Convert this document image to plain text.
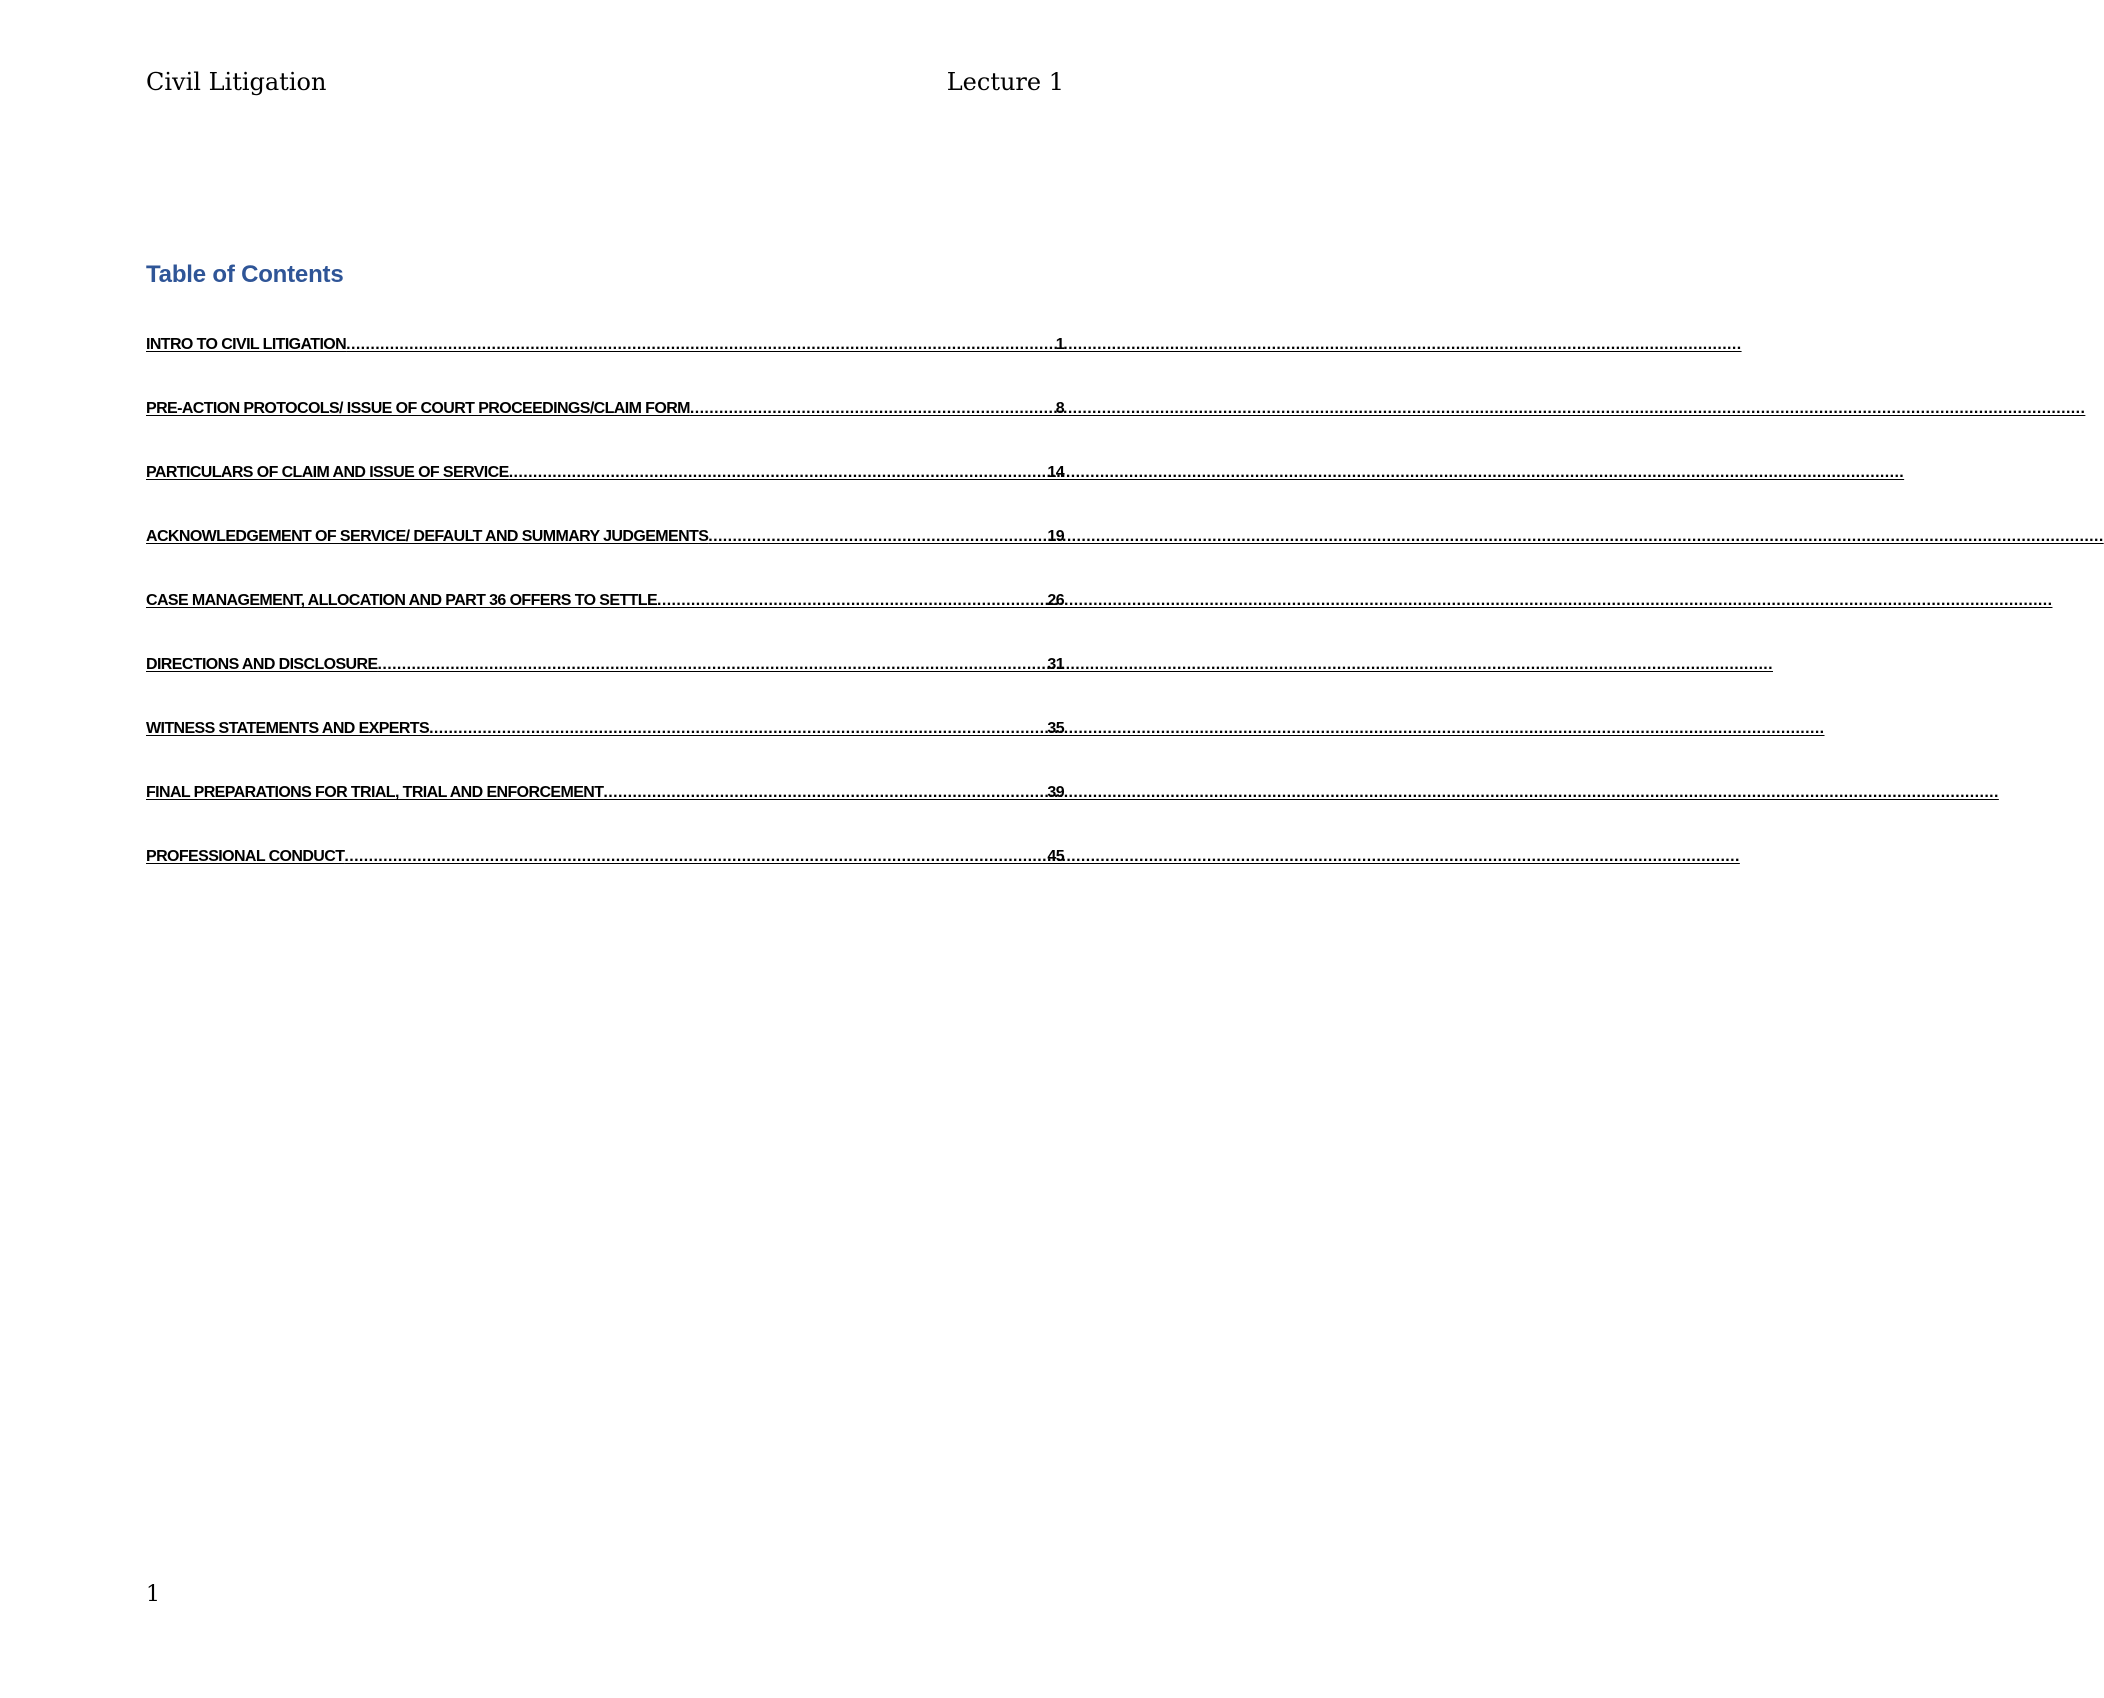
Civil Litigation	Lecture 1
Table of Contents
INTRO TO CIVIL LITIGATION .....	1
PRE-ACTION PROTOCOLS/ ISSUE OF COURT PROCEEDINGS/CLAIM FORM .....	8
PARTICULARS OF CLAIM AND ISSUE OF SERVICE .....	14
ACKNOWLEDGEMENT OF SERVICE/ DEFAULT AND SUMMARY JUDGEMENTS .....	19
CASE MANAGEMENT, ALLOCATION AND PART 36 OFFERS TO SETTLE .....	26
DIRECTIONS AND DISCLOSURE .....	31
WITNESS STATEMENTS AND EXPERTS .....	35
FINAL PREPARATIONS FOR TRIAL, TRIAL AND ENFORCEMENT .....	39
PROFESSIONAL CONDUCT .....	45
1
